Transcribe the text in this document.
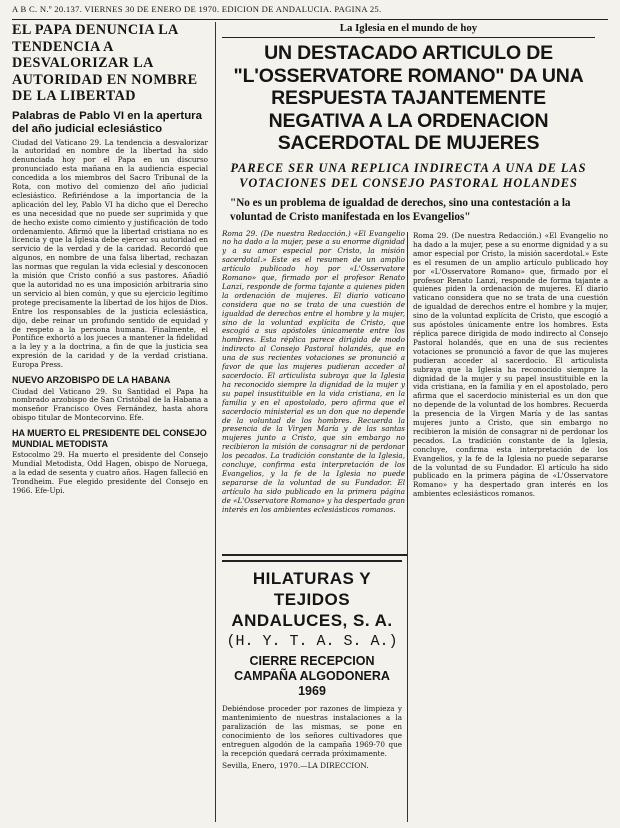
A B C. N.º 20.137. VIERNES 30 DE ENERO DE 1970. EDICION DE ANDALUCIA. PAGINA 25.
EL PAPA DENUNCIA LA TENDENCIA A DESVALORIZAR LA AUTORIDAD EN NOMBRE DE LA LIBERTAD
Palabras de Pablo VI en la apertura del año judicial eclesiástico

Ciudad del Vaticano 29. La tendencia a desvalorizar la autoridad en nombre de la libertad ha sido denunciada hoy por el Papa en un discurso pronunciado esta mañana en la audiencia especial concedida a los miembros del Sacro Tribunal de la Rota, con motivo del comienzo del año judicial eclesiástico. Refiriéndose a la importancia de la aplicación del ley, Pablo VI ha dicho que el Derecho es una necesidad que no puede ser suprimida y que de hecho existe como cimiento y justificación de todo ordenamiento. Afirmó que la libertad cristiana no es licencia y que la Iglesia debe ejercer su autoridad en servicio de la verdad y de la caridad. Recordó que algunos, en nombre de una falsa libertad, rechazan las normas que regulan la vida eclesial y desconocen la misión que Cristo confió a sus pastores. Añadió que la autoridad no es una imposición arbitraria sino un servicio al bien común, y que su ejercicio legítimo protege precisamente la libertad de los hijos de Dios. Entre los responsables de la justicia eclesiástica, dijo, debe reinar un profundo sentido de equidad y de respeto a la persona humana. Finalmente, el Pontífice exhortó a los jueces a mantener la fidelidad a la ley y a la doctrina, a fin de que la justicia sea expresión de la caridad y de la verdad cristiana. Europa Press.

NUEVO ARZOBISPO DE LA HABANA

Ciudad del Vaticano 29. Su Santidad el Papa ha nombrado arzobispo de San Cristóbal de la Habana a monseñor Francisco Oves Fernández, hasta ahora obispo titular de Montecorvino. Efe.

HA MUERTO EL PRESIDENTE DEL CONSEJO MUNDIAL METODISTA

Estocolmo 29. Ha muerto el presidente del Consejo Mundial Metodista, Odd Hagen, obispo de Noruega, a la edad de sesenta y cuatro años. Hagen falleció en Trondheim. Fue elegido presidente del Consejo en 1966. Efe-Upi.

La Iglesia en el mundo de hoy
UN DESTACADO ARTICULO DE "L'OSSERVATORE ROMANO" DA UNA RESPUESTA TAJANTEMENTE NEGATIVA A LA ORDENACION SACERDOTAL DE MUJERES
PARECE SER UNA REPLICA INDIRECTA A UNA DE LAS VOTACIONES DEL CONSEJO PASTORAL HOLANDES

"No es un problema de igualdad de derechos, sino una contestación a la voluntad de Cristo manifestada en los Evangelios"

Roma 29. (De nuestra Redacción.) «El Evangelio no ha dado a la mujer, pese a su enorme dignidad y a su amor especial por Cristo, la misión sacerdotal.» Este es el resumen de un amplio artículo publicado hoy por «L'Osservatore Romano» que, firmado por el profesor Renato Lanzi, responde de forma tajante a quienes piden la ordenación de mujeres. El diario vaticano considera que no se trata de una cuestión de igualdad de derechos entre el hombre y la mujer, sino de la voluntad explícita de Cristo, que escogió a sus apóstoles únicamente entre los hombres. Esta réplica parece dirigida de modo indirecto al Consejo Pastoral holandés, que en una de sus recientes votaciones se pronunció a favor de que las mujeres pudieran acceder al sacerdocio. El articulista subraya que la Iglesia ha reconocido siempre la dignidad de la mujer y su papel insustituible en la vida cristiana, en la familia y en el apostolado, pero afirma que el sacerdocio ministerial es un don que no depende de la voluntad de los hombres. Recuerda la presencia de la Virgen María y de las santas mujeres junto a Cristo, que sin embargo no recibieron la misión de consagrar ni de perdonar los pecados. La tradición constante de la Iglesia, concluye, confirma esta interpretación de los Evangelios, y la fe de la Iglesia no puede separarse de la voluntad de su Fundador. El artículo ha sido publicado en la primera página de «L'Osservatore Romano» y ha despertado gran interés en los ambientes eclesiásticos romanos.

HILATURAS Y TEJIDOS ANDALUCES, S. A.
(H. Y. T. A. S. A.)
CIERRE RECEPCION CAMPAÑA ALGODONERA 1969

Debiéndose proceder por razones de limpieza y mantenimiento de nuestras instalaciones a la paralización de las mismas, se pone en conocimiento de los señores cultivadores que entreguen algodón de la campaña 1969-70 que la recepción quedará cerrada próximamente.

Sevilla, Enero, 1970.—LA DIRECCION.

Roma 29. (De nuestra Redacción.) «El Evangelio no ha dado a la mujer, pese a su enorme dignidad y a su amor especial por Cristo, la misión sacerdotal.» Este es el resumen de un amplio artículo publicado hoy por «L'Osservatore Romano» que, firmado por el profesor Renato Lanzi, responde de forma tajante a quienes piden la ordenación de mujeres. El diario vaticano considera que no se trata de una cuestión de igualdad de derechos entre el hombre y la mujer, sino de la voluntad explícita de Cristo, que escogió a sus apóstoles únicamente entre los hombres. Esta réplica parece dirigida de modo indirecto al Consejo Pastoral holandés, que en una de sus recientes votaciones se pronunció a favor de que las mujeres pudieran acceder al sacerdocio. El articulista subraya que la Iglesia ha reconocido siempre la dignidad de la mujer y su papel insustituible en la vida cristiana, en la familia y en el apostolado, pero afirma que el sacerdocio ministerial es un don que no depende de la voluntad de los hombres. Recuerda la presencia de la Virgen María y de las santas mujeres junto a Cristo, que sin embargo no recibieron la misión de consagrar ni de perdonar los pecados. La tradición constante de la Iglesia, concluye, confirma esta interpretación de los Evangelios, y la fe de la Iglesia no puede separarse de la voluntad de su Fundador. El artículo ha sido publicado en la primera página de «L'Osservatore Romano» y ha despertado gran interés en los ambientes eclesiásticos romanos.
